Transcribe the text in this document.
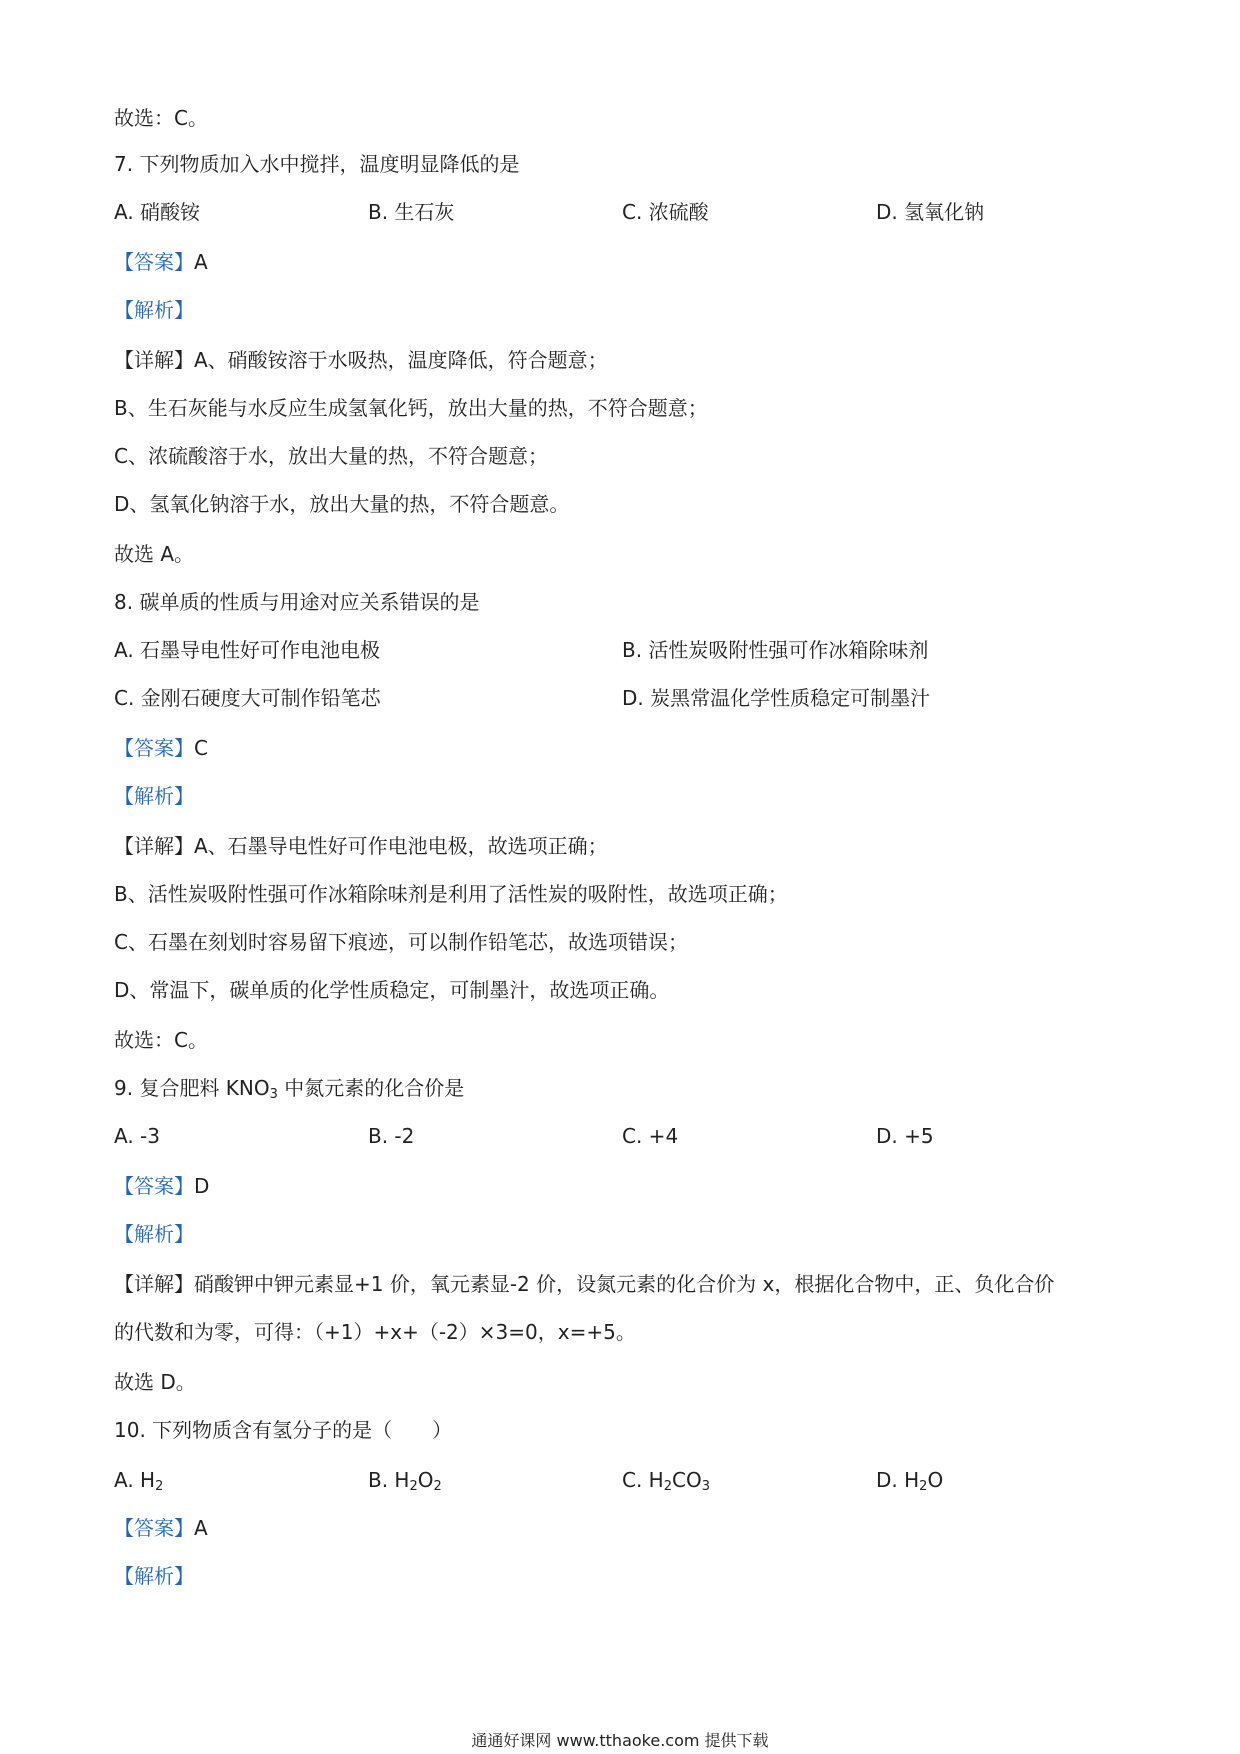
故选：C。
7. 下列物质加入水中搅拌，温度明显降低的是
A. 硝酸铵	B. 生石灰	C. 浓硫酸	D. 氢氧化钠
【答案】A
【解析】
【详解】A、硝酸铵溶于水吸热，温度降低，符合题意；
B、生石灰能与水反应生成氢氧化钙，放出大量的热，不符合题意；
C、浓硫酸溶于水，放出大量的热，不符合题意；
D、氢氧化钠溶于水，放出大量的热，不符合题意。
故选 A。
8. 碳单质的性质与用途对应关系错误的是
A. 石墨导电性好可作电池电极	B. 活性炭吸附性强可作冰箱除味剂
C. 金刚石硬度大可制作铅笔芯	D. 炭黑常温化学性质稳定可制墨汁
【答案】C
【解析】
【详解】A、石墨导电性好可作电池电极，故选项正确；
B、活性炭吸附性强可作冰箱除味剂是利用了活性炭的吸附性，故选项正确；
C、石墨在刻划时容易留下痕迹，可以制作铅笔芯，故选项错误；
D、常温下，碳单质的化学性质稳定，可制墨汁，故选项正确。
故选：C。
9. 复合肥料 $KNO_3$ 中氮元素的化合价是
A. -3	B. -2	C. +4	D. +5
【答案】D
【解析】
【详解】硝酸钾中钾元素显+1 价，氧元素显-2 价，设氮元素的化合价为 x，根据化合物中，正、负化合价
的代数和为零，可得：（+1）+x+（-2）×3=0，x=+5。
故选 D。
10. 下列物质含有氢分子的是（　　）
A. $H_2$	B. $H_2O_2$	C. $H_2CO_3$	D. $H_2O$
【答案】A
【解析】
通通好课网 www.tthaoke.com 提供下载
